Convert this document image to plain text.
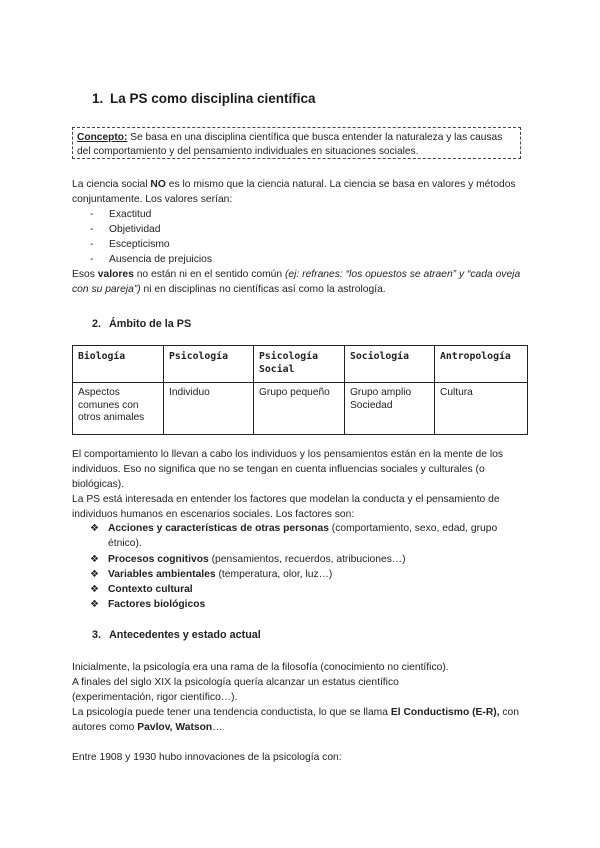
1. La PS como disciplina científica
Concepto: Se basa en una disciplina científica que busca entender la naturaleza y las causas del comportamiento y del pensamiento individuales en situaciones sociales.

La ciencia social NO es lo mismo que la ciencia natural. La ciencia se basa en valores y métodos conjuntamente. Los valores serían:

- Exactitud
- Objetividad
- Escepticismo
- Ausencia de prejuicios

Esos valores no están ni en el sentido común (ej: refranes: “los opuestos se atraen” y “cada oveja con su pareja”) ni en disciplinas no científicas así como la astrología.

2. Ámbito de la PS
Biología	Psicología	Psicología Social	Sociología	Antropología
Aspectos comunes con otros animales	Individuo	Grupo pequeño	Grupo amplio Sociedad	Cultura

El comportamiento lo llevan a cabo los individuos y los pensamientos están en la mente de los individuos. Eso no significa que no se tengan en cuenta influencias sociales y culturales (o biológicas).

La PS está interesada en entender los factores que modelan la conducta y el pensamiento de individuos humanos en escenarios sociales. Los factores son:

❖ Acciones y características de otras personas (comportamiento, sexo, edad, grupo étnico).
❖ Procesos cognitivos (pensamientos, recuerdos, atribuciones…)
❖ Variables ambientales (temperatura, olor, luz…)
❖ Contexto cultural
❖ Factores biológicos
3. Antecedentes y estado actual

Inicialmente, la psicología era una rama de la filosofía (conocimiento no científico).

A finales del siglo XIX la psicología quería alcanzar un estatus científico (experimentación, rigor científico…).

La psicología puede tener una tendencia conductista, lo que se llama El Conductismo (E-R), con autores como Pavlov, Watson…

Entre 1908 y 1930 hubo innovaciones de la psicología con:
